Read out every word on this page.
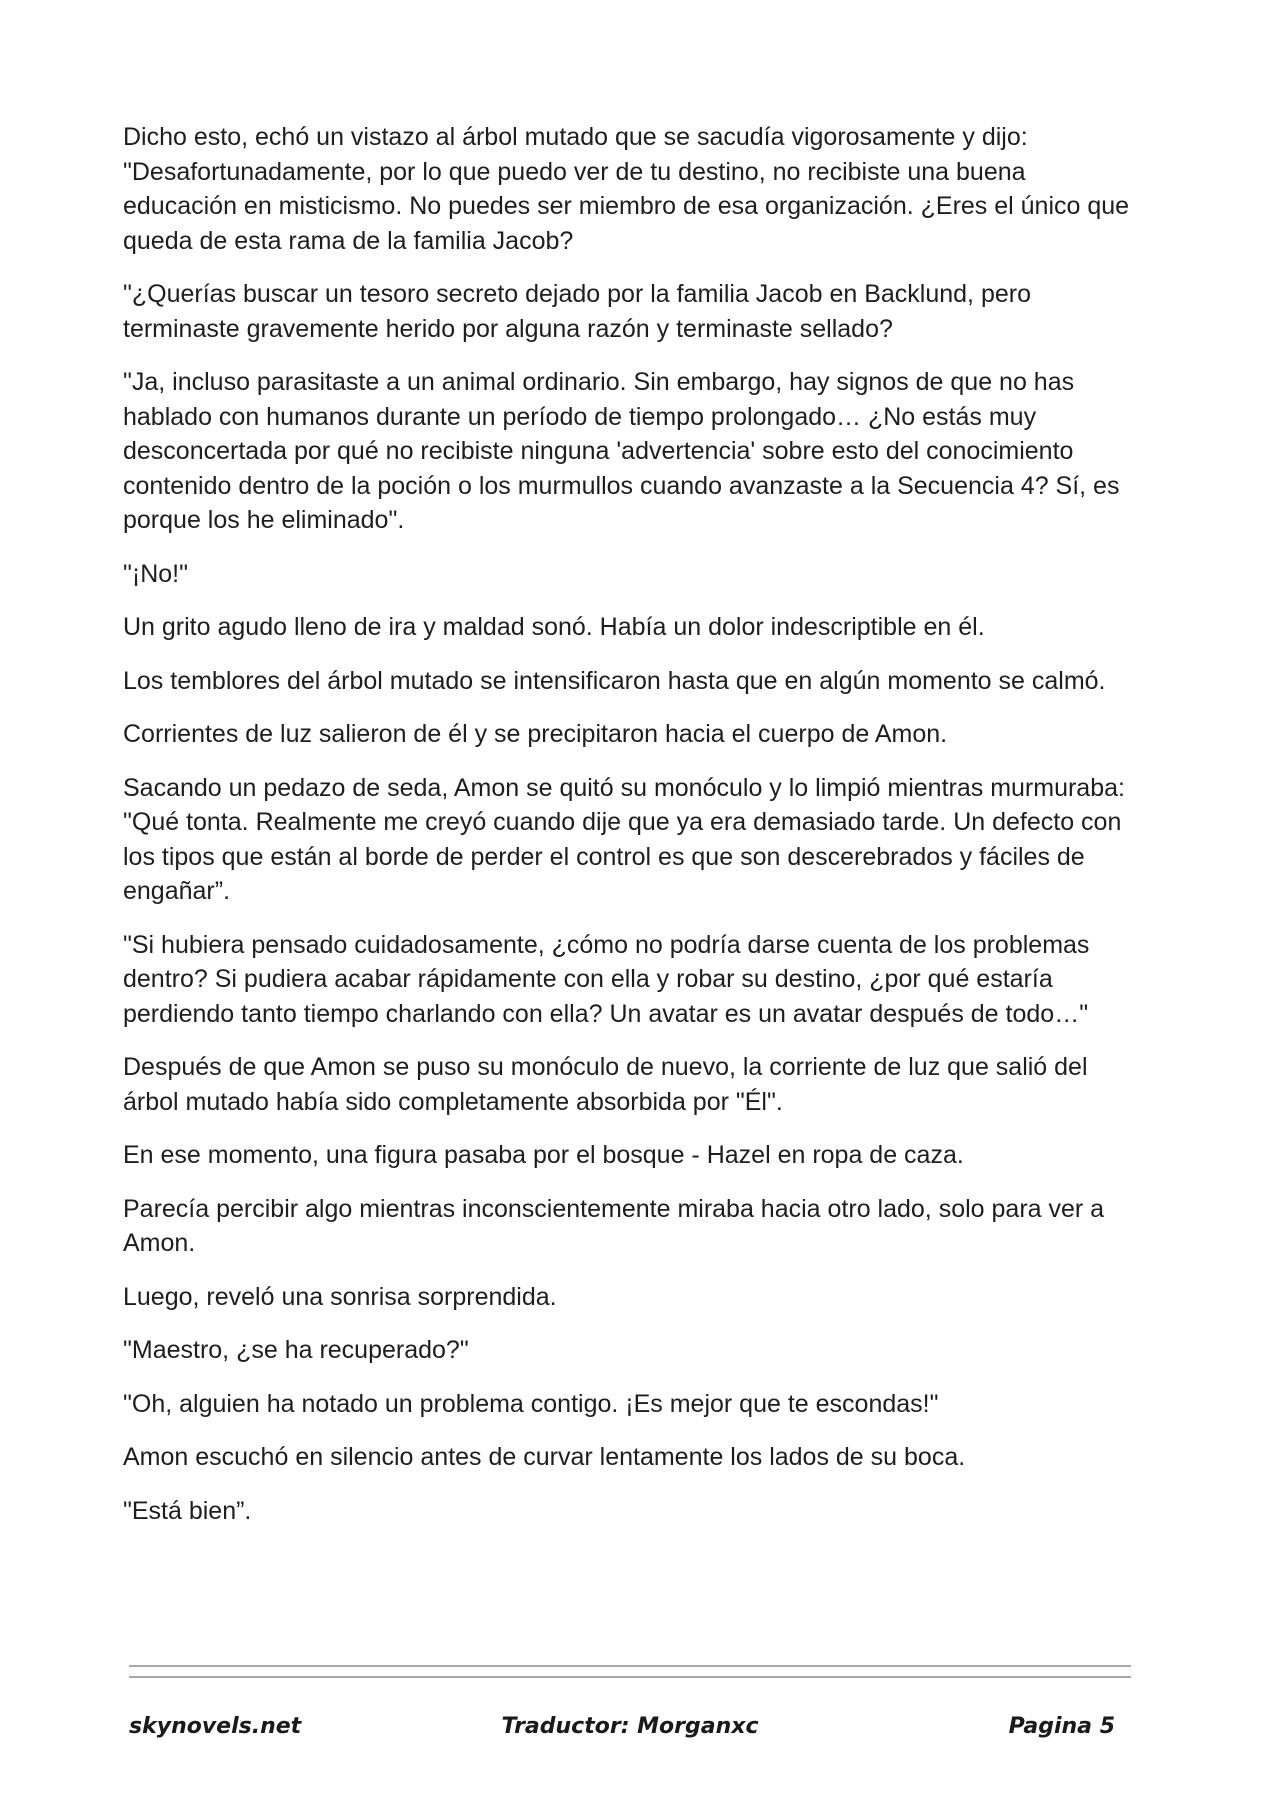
Dicho esto, echó un vistazo al árbol mutado que se sacudía vigorosamente y dijo: "Desafortunadamente, por lo que puedo ver de tu destino, no recibiste una buena educación en misticismo. No puedes ser miembro de esa organización. ¿Eres el único que queda de esta rama de la familia Jacob?

"¿Querías buscar un tesoro secreto dejado por la familia Jacob en Backlund, pero terminaste gravemente herido por alguna razón y terminaste sellado?

"Ja, incluso parasitaste a un animal ordinario. Sin embargo, hay signos de que no has hablado con humanos durante un período de tiempo prolongado… ¿No estás muy desconcertada por qué no recibiste ninguna 'advertencia' sobre esto del conocimiento contenido dentro de la poción o los murmullos cuando avanzaste a la Secuencia 4? Sí, es porque los he eliminado".

"¡No!"

Un grito agudo lleno de ira y maldad sonó. Había un dolor indescriptible en él.

Los temblores del árbol mutado se intensificaron hasta que en algún momento se calmó.

Corrientes de luz salieron de él y se precipitaron hacia el cuerpo de Amon.

Sacando un pedazo de seda, Amon se quitó su monóculo y lo limpió mientras murmuraba: "Qué tonta. Realmente me creyó cuando dije que ya era demasiado tarde. Un defecto con los tipos que están al borde de perder el control es que son descerebrados y fáciles de engañar”.

"Si hubiera pensado cuidadosamente, ¿cómo no podría darse cuenta de los problemas dentro? Si pudiera acabar rápidamente con ella y robar su destino, ¿por qué estaría perdiendo tanto tiempo charlando con ella? Un avatar es un avatar después de todo…"

Después de que Amon se puso su monóculo de nuevo, la corriente de luz que salió del árbol mutado había sido completamente absorbida por "Él".

En ese momento, una figura pasaba por el bosque - Hazel en ropa de caza.

Parecía percibir algo mientras inconscientemente miraba hacia otro lado, solo para ver a Amon.

Luego, reveló una sonrisa sorprendida.

"Maestro, ¿se ha recuperado?"

"Oh, alguien ha notado un problema contigo. ¡Es mejor que te escondas!"

Amon escuchó en silencio antes de curvar lentamente los lados de su boca.

"Está bien”.

skynovels.net	Traductor: Morganxc	Pagina 5
